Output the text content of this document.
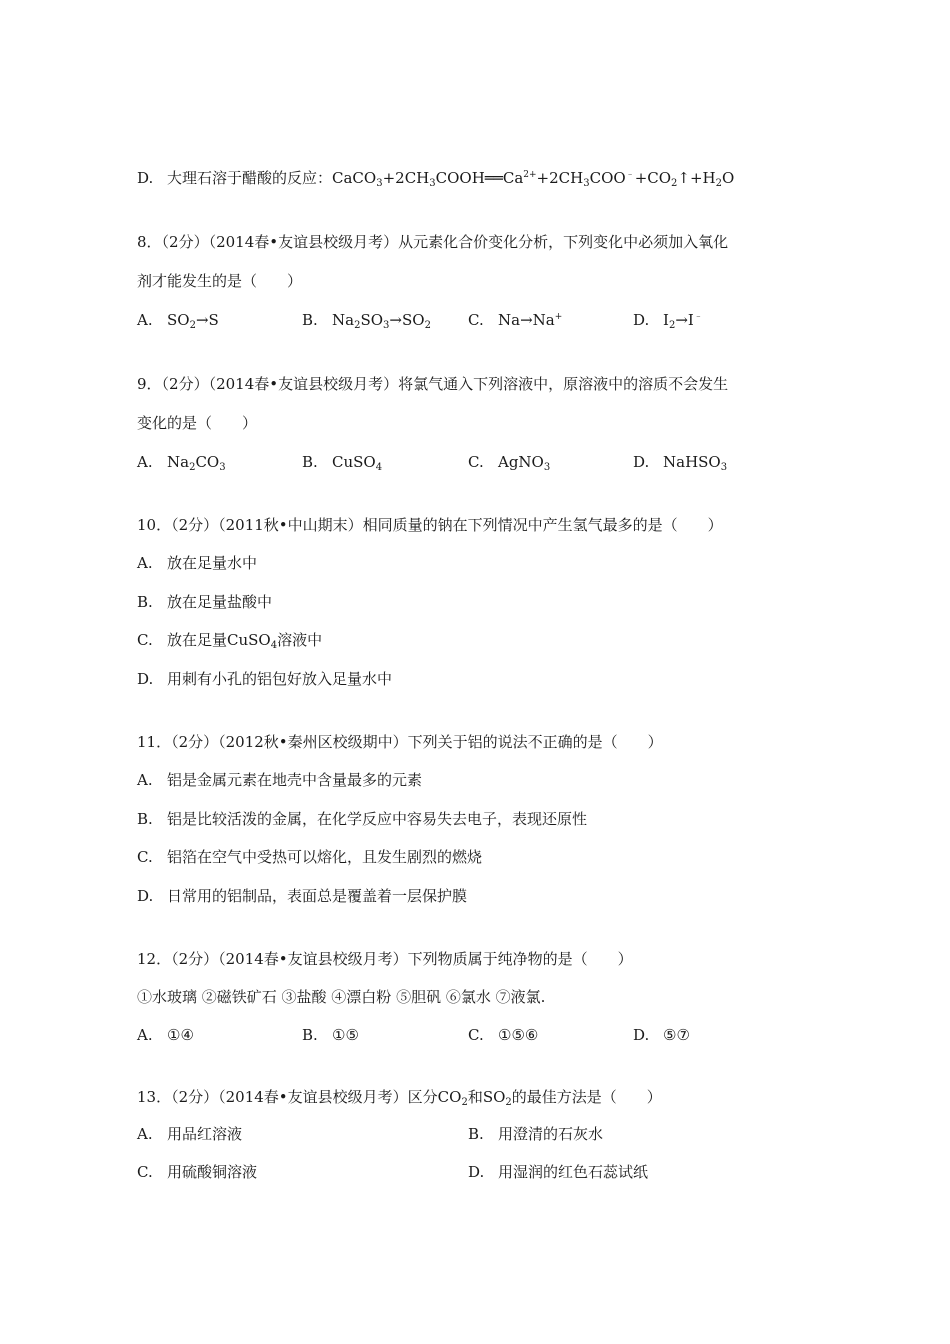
D. 大理石溶于醋酸的反应：$CaCO_3+2CH_3COOH══Ca^{2+}+2CH_3COO^﹣+CO_2↑+H_2O$
8．（2分）（2014春•友谊县校级月考）从元素化合价变化分析，下列变化中必须加入氧化
剂才能发生的是（　　）
A. $SO_2\to S$	B. $Na_2SO_3\to SO_2$ C. Na→Na+	D. $I_2\to I^﹣$
9．（2分）（2014春•友谊县校级月考）将氯气通入下列溶液中，原溶液中的溶质不会发生
变化的是（　　）
A. $Na_2CO_3$	B. CuSO$_4$	C. AgNO$_3$	D. NaHSO$_3$
10．（2分）（2011秋•中山期末）相同质量的钠在下列情况中产生氢气最多的是（　　）
A. 放在足量水中
B. 放在足量盐酸中
C. 放在足量CuSO$_4$溶液中
D. 用刺有小孔的铝包好放入足量水中
11．（2分）（2012秋•秦州区校级期中）下列关于铝的说法不正确的是（　　）
A. 铝是金属元素在地壳中含量最多的元素
B. 铝是比较活泼的金属，在化学反应中容易失去电子，表现还原性
C. 铝箔在空气中受热可以熔化，且发生剧烈的燃烧
D. 日常用的铝制品，表面总是覆盖着一层保护膜
12．（2分）（2014春•友谊县校级月考）下列物质属于纯净物的是（　　）
①水玻璃 ②磁铁矿石 ③盐酸 ④漂白粉 ⑤胆矾 ⑥氯水 ⑦液氯.
A. ①④	B. ①⑤	C. ①⑤⑥	D. ⑤⑦
13．（2分）（2014春•友谊县校级月考）区分$CO_2$和$SO_2$的最佳方法是（　　）
A. 用品红溶液	B. 用澄清的石灰水
C. 用硫酸铜溶液	D. 用湿润的红色石蕊试纸
